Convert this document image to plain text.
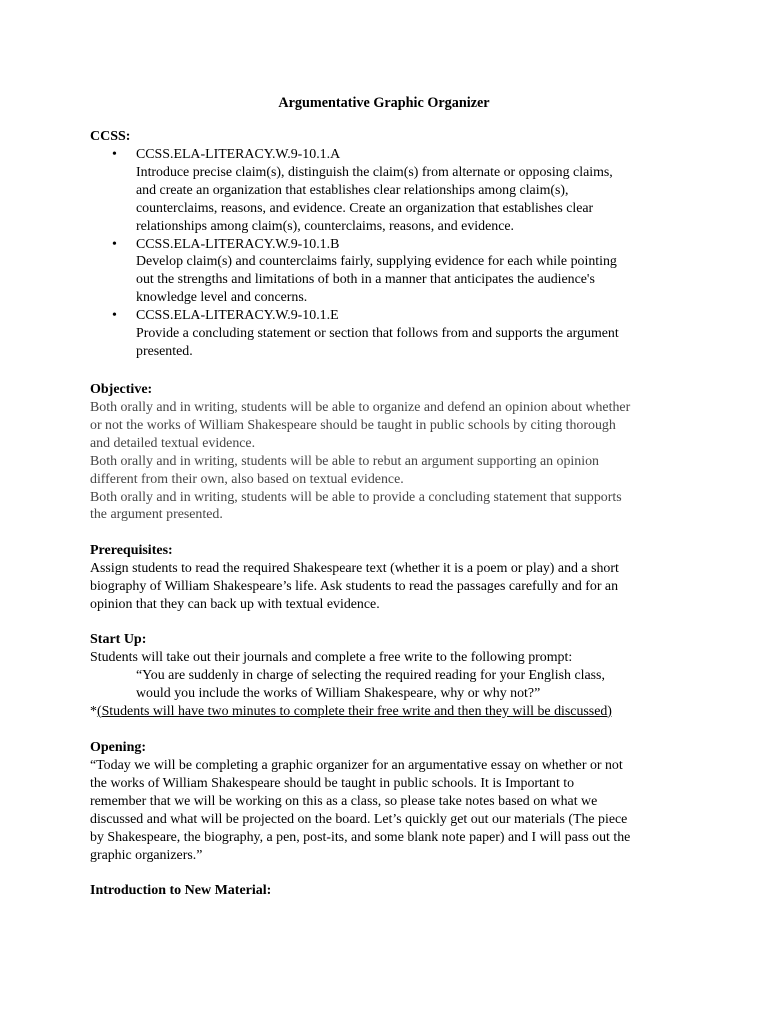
Argumentative Graphic Organizer

CCSS:

• CCSS.ELA-LITERACY.W.9-10.1.A

Introduce precise claim(s), distinguish the claim(s) from alternate or opposing claims,

and create an organization that establishes clear relationships among claim(s),

counterclaims, reasons, and evidence. Create an organization that establishes clear

relationships among claim(s), counterclaims, reasons, and evidence.

• CCSS.ELA-LITERACY.W.9-10.1.B

Develop claim(s) and counterclaims fairly, supplying evidence for each while pointing

out the strengths and limitations of both in a manner that anticipates the audience's

knowledge level and concerns.

• CCSS.ELA-LITERACY.W.9-10.1.E

Provide a concluding statement or section that follows from and supports the argument

presented.

Objective:

Both orally and in writing, students will be able to organize and defend an opinion about whether

or not the works of William Shakespeare should be taught in public schools by citing thorough

and detailed textual evidence.

Both orally and in writing, students will be able to rebut an argument supporting an opinion

different from their own, also based on textual evidence.

Both orally and in writing, students will be able to provide a concluding statement that supports

the argument presented.

Prerequisites:

Assign students to read the required Shakespeare text (whether it is a poem or play) and a short

biography of William Shakespeare’s life. Ask students to read the passages carefully and for an

opinion that they can back up with textual evidence.

Start Up:

Students will take out their journals and complete a free write to the following prompt:

“You are suddenly in charge of selecting the required reading for your English class,

would you include the works of William Shakespeare, why or why not?”

*(Students will have two minutes to complete their free write and then they will be discussed)

Opening:

“Today we will be completing a graphic organizer for an argumentative essay on whether or not

the works of William Shakespeare should be taught in public schools. It is Important to

remember that we will be working on this as a class, so please take notes based on what we

discussed and what will be projected on the board. Let’s quickly get out our materials (The piece

by Shakespeare, the biography, a pen, post-its, and some blank note paper) and I will pass out the

graphic organizers.”

Introduction to New Material:
